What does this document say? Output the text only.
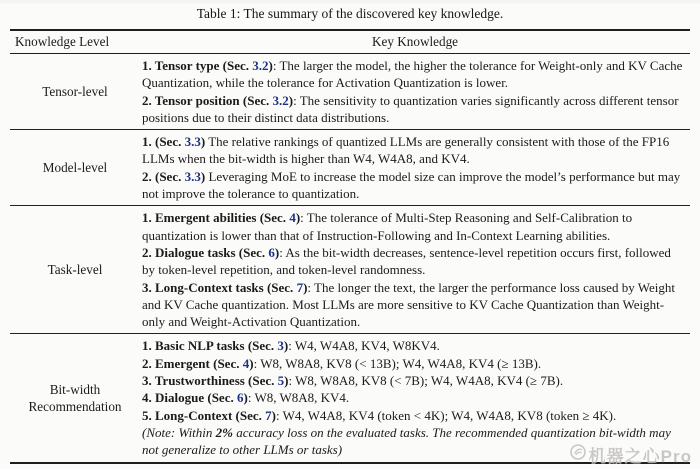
Table 1: The summary of the discovered key knowledge.
Knowledge Level	Key Knowledge
Tensor-level
1. Tensor type (Sec. 3.2): The larger the model, the higher the tolerance for Weight-only and KV Cache Quantization, while the tolerance for Activation Quantization is lower.
2. Tensor position (Sec. 3.2): The sensitivity to quantization varies significantly across different tensor positions due to their distinct data distributions.
Model-level
1. (Sec. 3.3) The relative rankings of quantized LLMs are generally consistent with those of the FP16 LLMs when the bit-width is higher than W4, W4A8, and KV4.
2. (Sec. 3.3) Leveraging MoE to increase the model size can improve the model’s performance but may not improve the tolerance to quantization.
Task-level
1. Emergent abilities (Sec. 4): The tolerance of Multi-Step Reasoning and Self-Calibration to quantization is lower than that of Instruction-Following and In-Context Learning abilities.
2. Dialogue tasks (Sec. 6): As the bit-width decreases, sentence-level repetition occurs first, followed by token-level repetition, and token-level randomness.
3. Long-Context tasks (Sec. 7): The longer the text, the larger the performance loss caused by Weight and KV Cache quantization. Most LLMs are more sensitive to KV Cache Quantization than Weight-only and Weight-Activation Quantization.
Bit-width Recommendation
1. Basic NLP tasks (Sec. 3): W4, W4A8, KV4, W8KV4.
2. Emergent (Sec. 4): W8, W8A8, KV8 (< 13B); W4, W4A8, KV4 (≥ 13B).
3. Trustworthiness (Sec. 5): W8, W8A8, KV8 (< 7B); W4, W4A8, KV4 (≥ 7B).
4. Dialogue (Sec. 6): W8, W8A8, KV4.
5. Long-Context (Sec. 7): W4, W4A8, KV4 (token < 4K); W4, W4A8, KV8 (token ≥ 4K).
(Note: Within 2% accuracy loss on the evaluated tasks. The recommended quantization bit-width may not generalize to other LLMs or tasks)	机器之心Pro
